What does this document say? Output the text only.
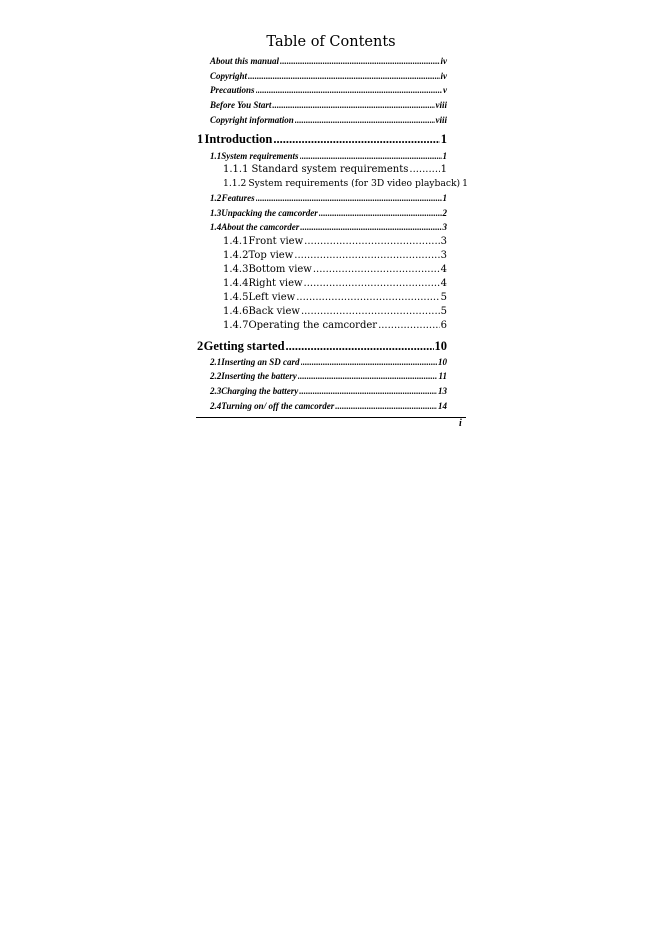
Table of Contents
About this manual .....	iv
Copyright .....	iv
Precautions .....	v
Before You Start .....	viii
Copyright information .....	viii
1 Introduction .....	1
1.1 System requirements .....	1
1.1.1 Standard system requirements .....	1
1.1.2 System requirements (for 3D video playback) 1
1.2 Features .....	1
1.3 Unpacking the camcorder .....	2
1.4 About the camcorder .....	3
1.4.1 Front view .....	3
1.4.2 Top view .....	3
1.4.3 Bottom view .....	4
1.4.4 Right view .....	4
1.4.5 Left view .....	5
1.4.6 Back view .....	5
1.4.7 Operating the camcorder .....	6
2 Getting started .....	10
2.1 Inserting an SD card .....	10
2.2 Inserting the battery .....	11
2.3 Charging the battery .....	13
2.4 Turning on/ off the camcorder .....	14
i
